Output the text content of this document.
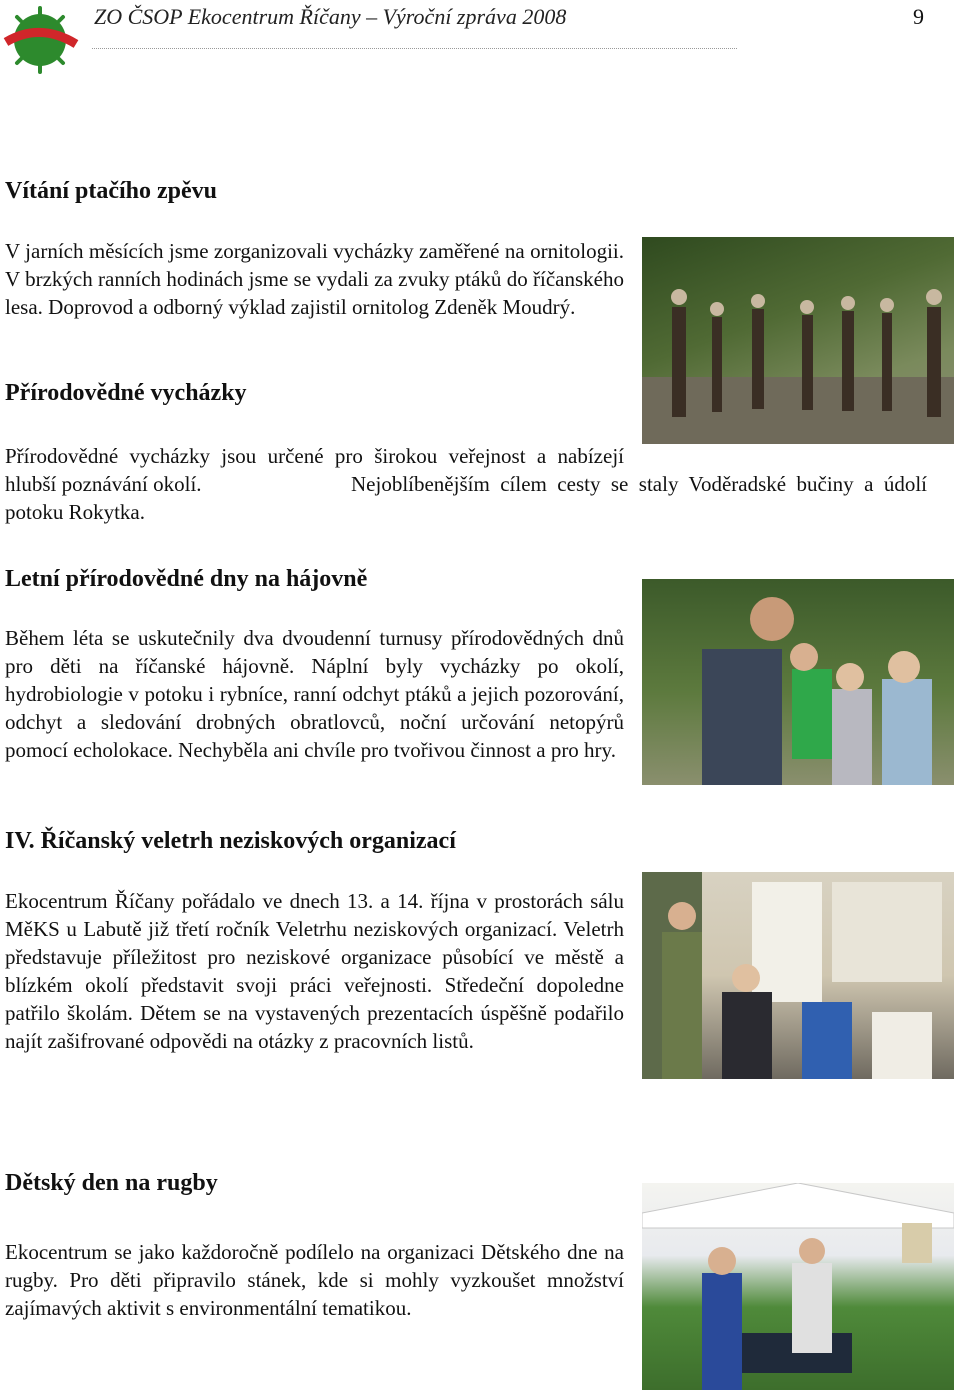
ZO ČSOP Ekocentrum Říčany – Výroční zpráva 2008	9
Vítání ptačího zpěvu

V jarních měsících jsme zorganizovali vycházky zaměřené na ornitologii. V brzkých ranních hodinách jsme se vydali za zvuky ptáků do říčanského lesa. Doprovod a odborný výklad zajistil ornitolog Zdeněk Moudrý.

Přírodovědné vycházky

Přírodovědné vycházky jsou určené pro širokou veřejnost a nabízejí hlubší poznávání okolí.	Nejoblíbenějším cílem cesty se staly Voděradské bučiny a údolí potoku Rokytka.

Letní přírodovědné dny na hájovně

Během léta se uskutečnily dva dvoudenní turnusy přírodovědných dnů pro děti na říčanské hájovně. Náplní byly vycházky po okolí, hydrobiologie v potoku i rybníce, ranní odchyt ptáků a jejich pozorování, odchyt a sledování drobných obratlovců, noční určování netopýrů pomocí echolokace. Nechyběla ani chvíle pro tvořivou činnost a pro hry.

IV. Říčanský veletrh neziskových organizací

Ekocentrum Říčany pořádalo ve dnech 13. a 14. října v prostorách sálu MěKS u Labutě již třetí ročník Veletrhu neziskových organizací. Veletrh představuje příležitost pro neziskové organizace působící ve městě a blízkém okolí představit svoji práci veřejnosti. Středeční dopoledne patřilo školám. Dětem se na vystavených prezentacích úspěšně podařilo najít zašifrované odpovědi na otázky z pracovních listů.

Dětský den na rugby

Ekocentrum se jako každoročně podílelo na organizaci Dětského dne na rugby. Pro děti připravilo stánek, kde si mohly vyzkoušet množství zajímavých aktivit s environmentální tematikou.
